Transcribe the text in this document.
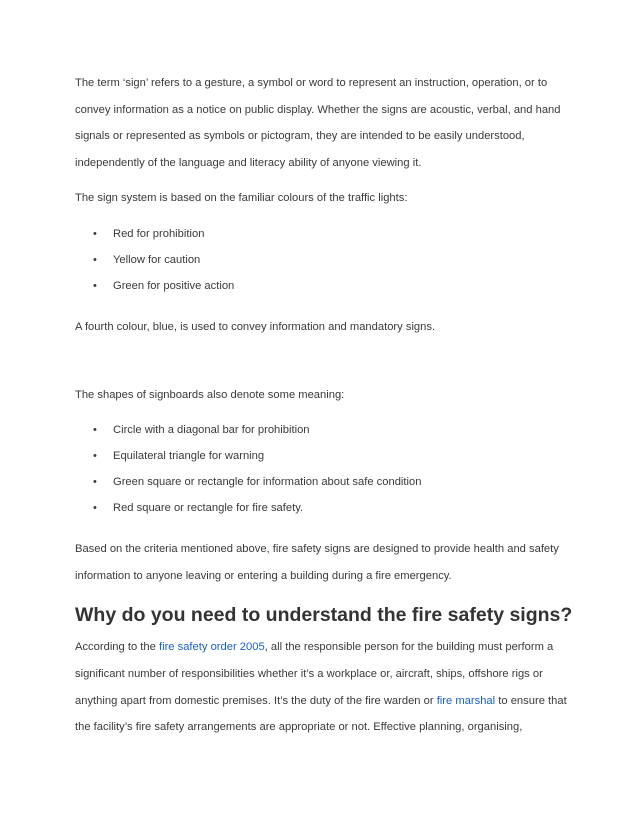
The term ‘sign’ refers to a gesture, a symbol or word to represent an instruction, operation, or to convey information as a notice on public display. Whether the signs are acoustic, verbal, and hand signals or represented as symbols or pictogram, they are intended to be easily understood, independently of the language and literacy ability of anyone viewing it.

The sign system is based on the familiar colours of the traffic lights:

• Red for prohibition
• Yellow for caution
• Green for positive action

A fourth colour, blue, is used to convey information and mandatory signs.

The shapes of signboards also denote some meaning:

• Circle with a diagonal bar for prohibition
• Equilateral triangle for warning
• Green square or rectangle for information about safe condition
• Red square or rectangle for fire safety.

Based on the criteria mentioned above, fire safety signs are designed to provide health and safety information to anyone leaving or entering a building during a fire emergency.

Why do you need to understand the fire safety signs?

According to the fire safety order 2005, all the responsible person for the building must perform a significant number of responsibilities whether it’s a workplace or, aircraft, ships, offshore rigs or anything apart from domestic premises. It’s the duty of the fire warden or fire marshal to ensure that the facility’s fire safety arrangements are appropriate or not. Effective planning, organising,
